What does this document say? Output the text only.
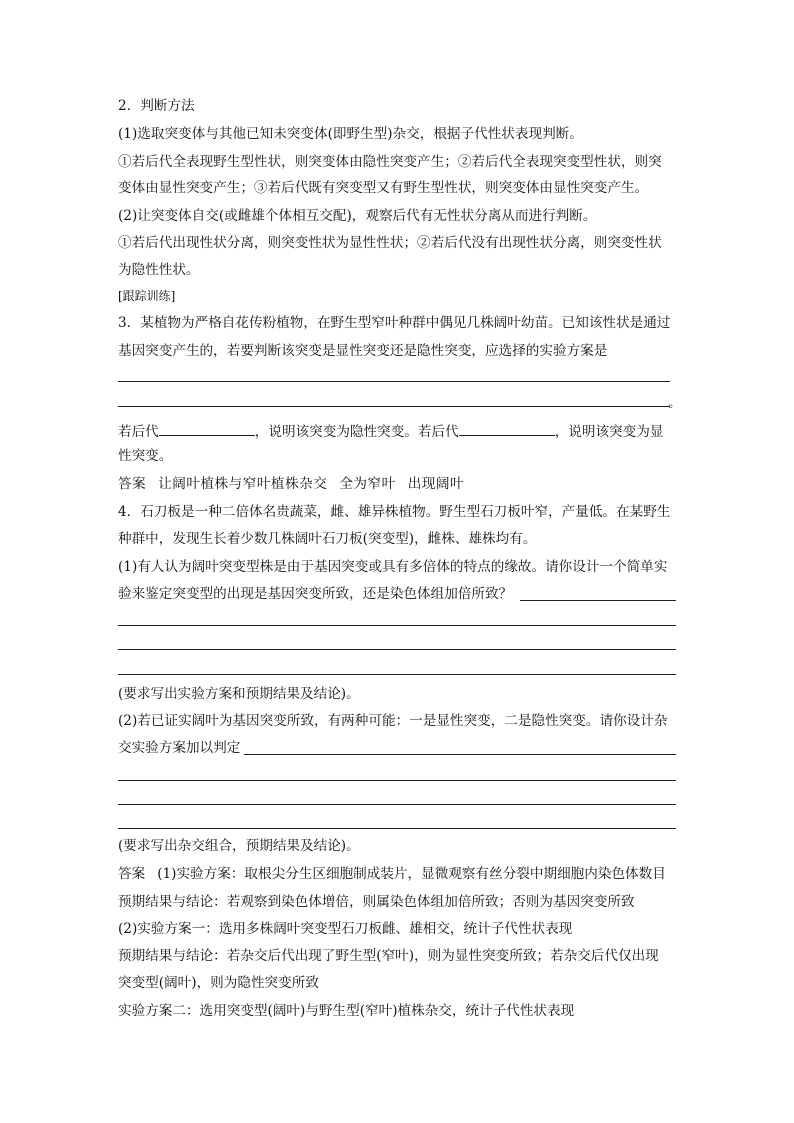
2．判断方法
(1)选取突变体与其他已知未突变体(即野生型)杂交，根据子代性状表现判断。
①若后代全表现野生型性状，则突变体由隐性突变产生；②若后代全表现突变型性状，则突
变体由显性突变产生；③若后代既有突变型又有野生型性状，则突变体由显性突变产生。
(2)让突变体自交(或雌雄个体相互交配)，观察后代有无性状分离从而进行判断。
①若后代出现性状分离，则突变性状为显性性状；②若后代没有出现性状分离，则突变性状
为隐性性状。
[跟踪训练]
3．某植物为严格自花传粉植物，在野生型窄叶种群中偶见几株阔叶幼苗。已知该性状是通过
基因突变产生的，若要判断该突变是显性突变还是隐性突变，应选择的实验方案是
。
若后代	，说明该突变为隐性突变。若后代	，说明该突变为显
性突变。
答案 让阔叶植株与窄叶植株杂交 全为窄叶 出现阔叶
4．石刀板是一种二倍体名贵蔬菜，雌、雄异株植物。野生型石刀板叶窄，产量低。在某野生
种群中，发现生长着少数几株阔叶石刀板(突变型)，雌株、雄株均有。
(1)有人认为阔叶突变型株是由于基因突变或具有多倍体的特点的缘故。请你设计一个简单实
验来鉴定突变型的出现是基因突变所致，还是染色体组加倍所致？
(要求写出实验方案和预期结果及结论)。
(2)若已证实阔叶为基因突变所致，有两种可能：一是显性突变，二是隐性突变。请你设计杂
交实验方案加以判定
(要求写出杂交组合，预期结果及结论)。
答案 (1)实验方案：取根尖分生区细胞制成装片，显微观察有丝分裂中期细胞内染色体数目
预期结果与结论：若观察到染色体增倍，则属染色体组加倍所致；否则为基因突变所致
(2)实验方案一：选用多株阔叶突变型石刀板雌、雄相交，统计子代性状表现
预期结果与结论：若杂交后代出现了野生型(窄叶)，则为显性突变所致；若杂交后代仅出现
突变型(阔叶)，则为隐性突变所致
实验方案二：选用突变型(阔叶)与野生型(窄叶)植株杂交，统计子代性状表现
